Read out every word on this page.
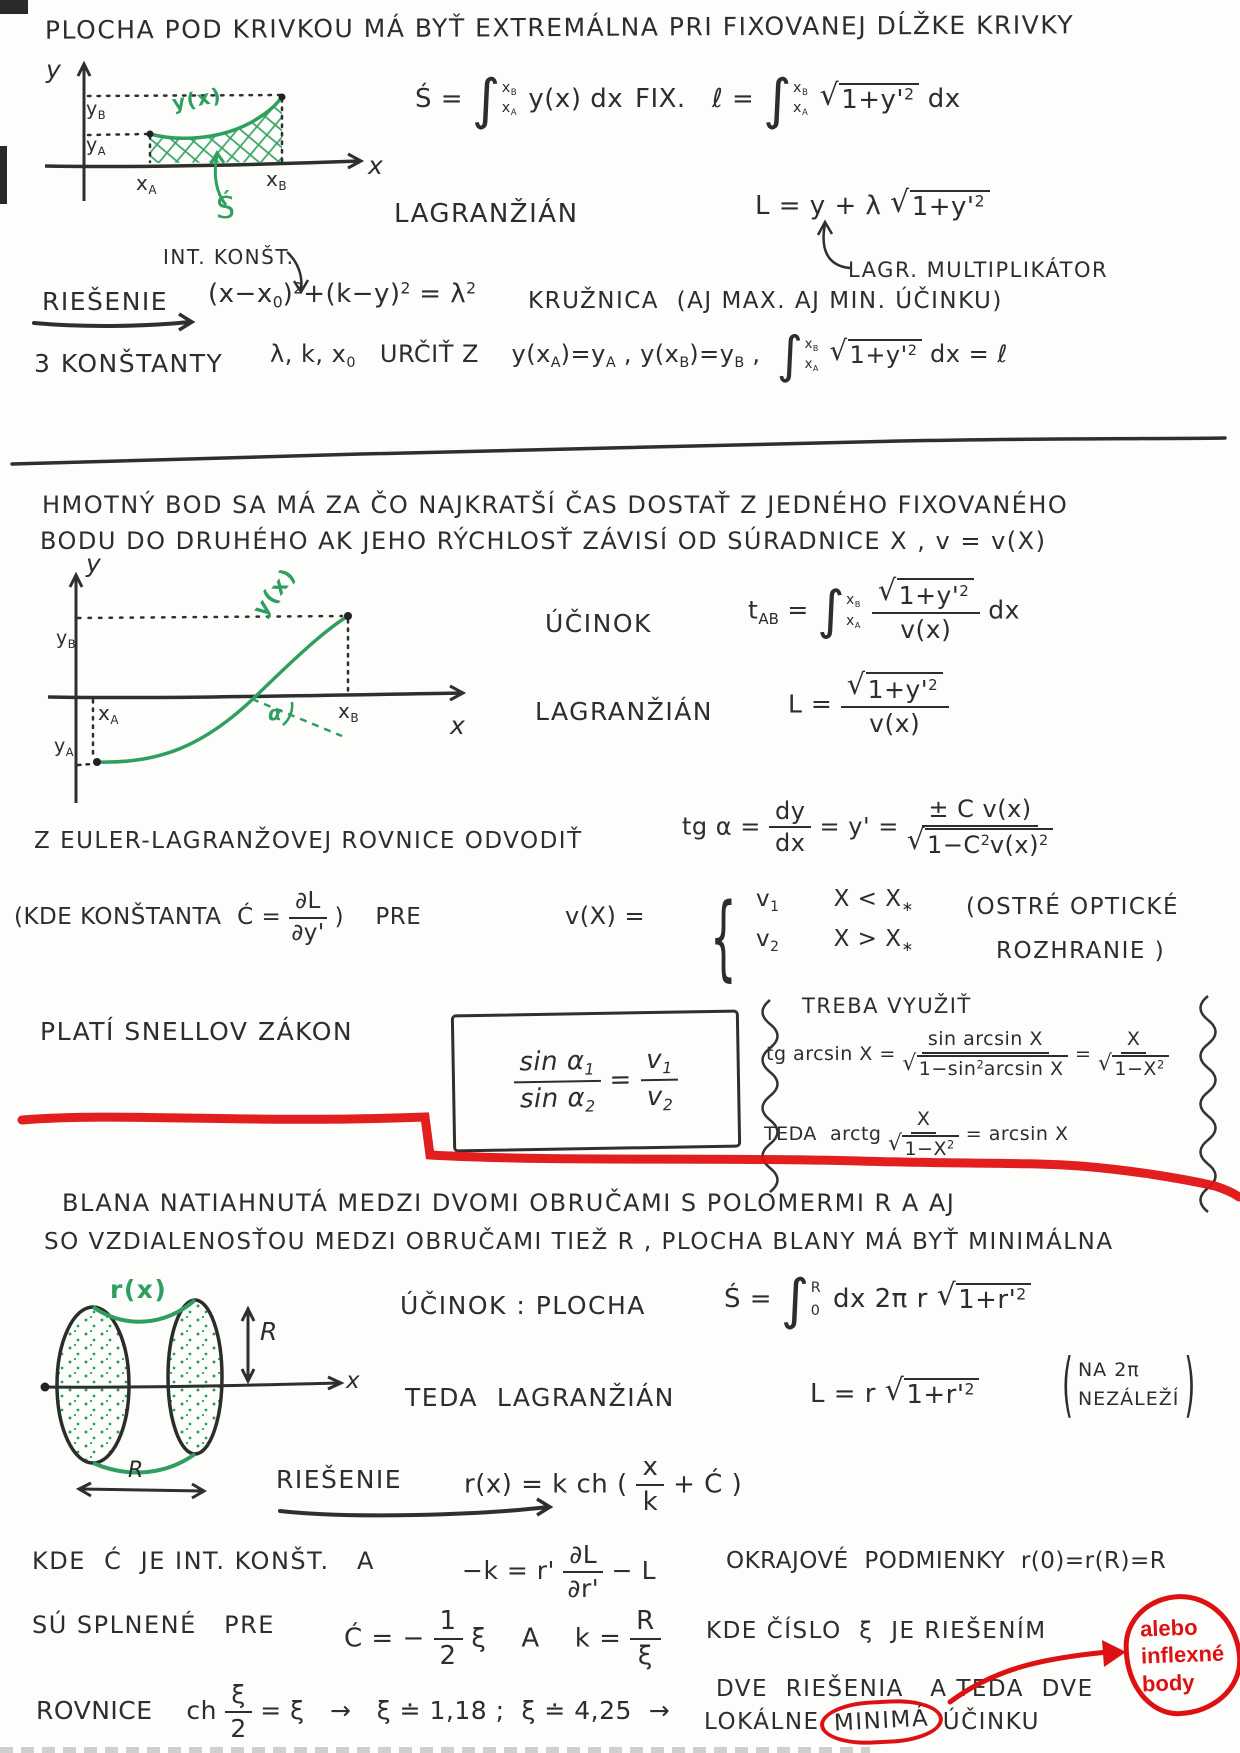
PLOCHA POD KRIVKOU MÁ BYŤ EXTREMÁLNA PRI FIXOVANEJ DĹŽKE KRIVKY
y
x
$y_B$
$y_A$
$x_A$	$x_B$
y(x)
Ś
INT. KONŠT.
Ś = ∫ $x_B$
$x_A$ y(x) dx FIX.   ℓ = ∫ $x_B$
$x_A$

√ $1+y'^2$ dx
LAGRANŽIÁN	L = y + λ √ $1+y'^2$
LAGR. MULTIPLIKÁTOR
RIEŠENIE $(x-x_0)^2+(k-y)^2 = \lambda^2$ KRUŽNICA  (AJ MAX. AJ MIN. ÚČINKU)
3 KONŠTANTY λ, k, $x_0$   URČIŤ Z    $y(x_A)=y_A$ , $y(x_B)=y_B$ , ∫ $x_B$
$x_A$

√ $1+y'^2$ dx = ℓ
HMOTNÝ BOD SA MÁ ZA ČO NAJKRATŠÍ ČAS DOSTAŤ Z JEDNÉHO FIXOVANÉHO
BODU DO DRUHÉHO AK JEHO RÝCHLOSŤ ZÁVISÍ OD SÚRADNICE X , v = v(X)
y
x
$y_B$
$y_A$
$x_A$	$x_B$
y(x)
α
ÚČINOK	$t_{AB}$ = ∫ $x_B$
$x_A$
$\frac{√ 1+y'^2}{v(x)}$ dx
LAGRANŽIÁN	$L = \frac{√ 1+y'^2}{v(x)}$
Z EULER-LAGRANŽOVEJ ROVNICE ODVODIŤ
tg $\alpha = \frac{dy}{dx} = y' = \frac{\text{± C v(x)}}{√ 1-C^2v(x)^2}$
(KDE KONŠTANTA  Ć = $\frac{\partial L}{\partial y'}$ )    PRE	v(X) = { $v_1$       $X < X_∗$
$v_2$       $X > X_∗$
(OSTRÉ OPTICKÉ
ROZHRANIE )
PLATÍ SNELLOV ZÁKON
$\frac{\sin \alpha_1}{\sin \alpha_2} = \frac{v_1}{v_2}$
TREBA VYUŽIŤ
tg $\arcsin X = \frac{\text{sin arcsin X}}{√ 1-\sin^2\arcsin X} = \frac{X}{√ 1-X^2}$
TEDA  arctg $\frac{X}{√ 1-X^2} = \arcsin X$
BLANA NATIAHNUTÁ MEDZI DVOMI OBRUČAMI S POLOMERMI R A AJ
SO VZDIALENOSŤOU MEDZI OBRUČAMI TIEŽ R , PLOCHA BLANY MÁ BYŤ MINIMÁLNA
r(x)
R
x
R
ÚČINOK : PLOCHA	Ś = ∫ R
0 dx 2π r √ $1+r'^2$
TEDA  LAGRANŽIÁN	L = r √ $1+r'^2$	( NA 2π
NEZÁLEŽÍ )
RIEŠENIE r(x) = k ch ( $\frac{x}{k}$ + Ć )
KDE  Ć  JE INT. KONŠT.   A	$-k = r' \frac{\partial L}{\partial r'} - L$	OKRAJOVÉ  PODMIENKY  r(0)=r(R)=R
SÚ SPLNENÉ   PRE	Ć = − $\frac{1}{2}$ ξ    A    $k = \frac{R}{\xi}$ KDE ČÍSLO  ξ  JE RIEŠENÍM
ROVNICE    ch $\frac{\xi}{2} = \xi \to \xi$ ≐ 1,18 ;  ξ ≐ 4,25  →
DVE  RIEŠENIA   A TEDA  DVE
LOKÁLNE MINIMÁ ÚČINKU
alebo
inflexné
body
